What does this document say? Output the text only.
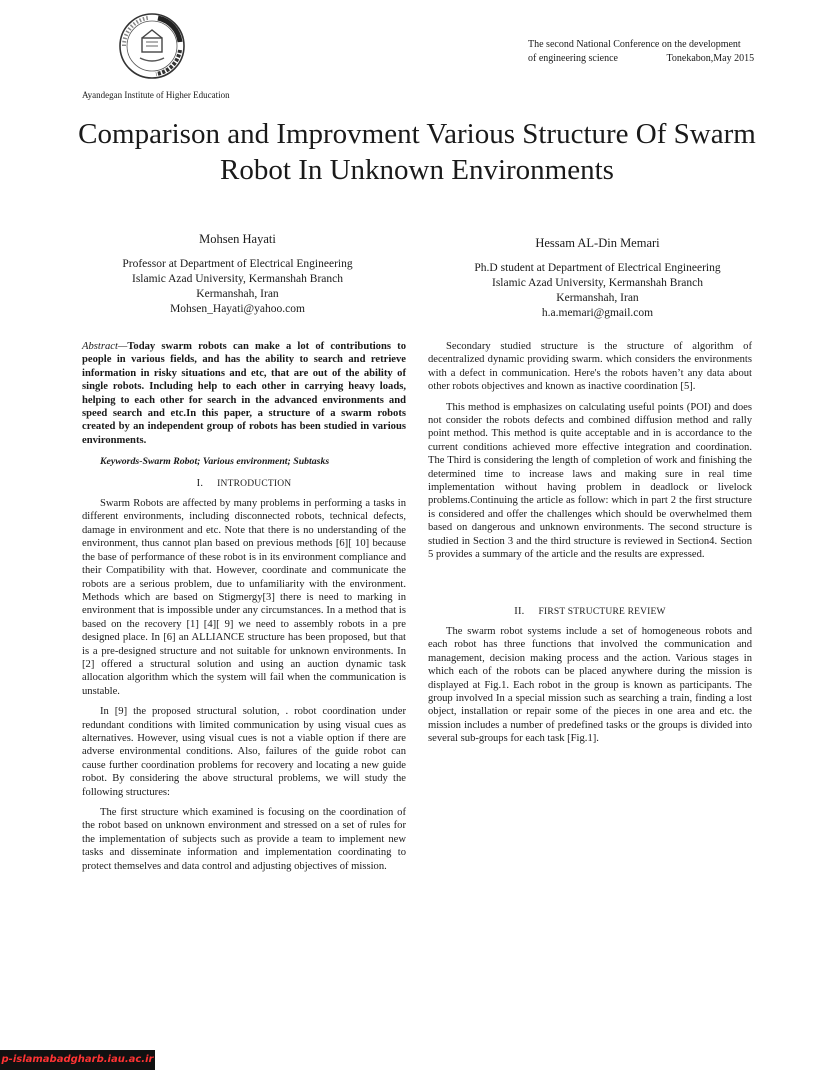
Ayandegan Institute of Higher Education
The second National Conference on the development
of engineering science	Tonekabon,May 2015
Comparison and Improvment Various Structure Of Swarm Robot In Unknown Environments
Mohsen Hayati
Professor at Department of Electrical Engineering
Islamic Azad University, Kermanshah Branch
Kermanshah, Iran
Mohsen_Hayati@yahoo.com
Hessam AL-Din Memari
Ph.D student at Department of Electrical Engineering
Islamic Azad University, Kermanshah Branch
Kermanshah, Iran
h.a.memari@gmail.com

Abstract—Today swarm robots can make a lot of contributions to people in various fields, and has the ability to search and retrieve information in risky situations and etc, that are out of the ability of single robots. Including help to each other in carrying heavy loads, helping to each other for search in the advanced environments and speed search and etc.In this paper, a structure of a swarm robots created by an independent group of robots has been studied in various environments.

Keywords-Swarm Robot; Various environment; Subtasks

I. INTRODUCTION

Swarm Robots are affected by many problems in performing a tasks in different environments, including disconnected robots, technical defects, damage in environment and etc. Note that there is no understanding of the environment, thus cannot plan based on previous methods [6][ 10] because the base of performance of these robot is in its environment compliance and their Compatibility with that. However, coordinate and communicate the robots are a serious problem, due to unfamiliarity with the environment. Methods which are based on Stigmergy[3] there is need to marking in environment that is impossible under any circumstances. In a method that is based on the recovery [1] [4][ 9] we need to assembly robots in a pre designed place. In [6] an ALLIANCE structure has been proposed, but that is a pre-designed structure and not suitable for unknown environments. In [2] offered a structural solution and using an auction dynamic task allocation algorithm which the system will fail when the communication is unstable.

In [9] the proposed structural solution, . robot coordination under redundant conditions with limited communication by using visual cues as alternatives. However, using visual cues is not a viable option if there are adverse environmental conditions. Also, failures of the guide robot can cause further coordination problems for recovery and locating a new guide robot. By considering the above structural problems, we will study the following structures:

The first structure which examined is focusing on the coordination of the robot based on unknown environment and stressed on a set of rules for the implementation of subjects such as provide a team to implement new tasks and disseminate information and implementation coordinating to protect themselves and data control and adjusting objectives of mission.

Secondary studied structure is the structure of algorithm of decentralized dynamic providing swarm. which considers the environments with a defect in communication. Here's the robots haven’t any data about other robots objectives and known as inactive coordination [5].

This method is emphasizes on calculating useful points (POI) and does not consider the robots defects and combined diffusion method and rally point method. This method is quite acceptable and in is accordance to the current conditions achieved more effective integration and coordination. The Third is considering the length of completion of work and finishing the determined time to increase laws and making sure in real time implementation without having problem in deadlock or livelock problems.Continuing the article as follow: which in part 2 the first structure is considered and offer the challenges which should be overwhelmed them based on dangerous and unknown environments. The second structure is studied in Section 3 and the third structure is reviewed in Section4. Section 5 provides a summary of the article and the results are expressed.

II. FIRST STRUCTURE REVIEW

The swarm robot systems include a set of homogeneous robots and each robot has three functions that involved the communication and management, decision making process and the action. Various stages in which each of the robots can be placed anywhere during the mission is displayed at Fig.1. Each robot in the group is known as participants. The group involved In a special mission such as searching a train, finding a lost object, installation or repair some of the pieces in one area and etc. the mission includes a number of predefined tasks or the groups is divided into several sub-groups for each task [Fig.1].

p-islamabadgharb.iau.ac.ir
